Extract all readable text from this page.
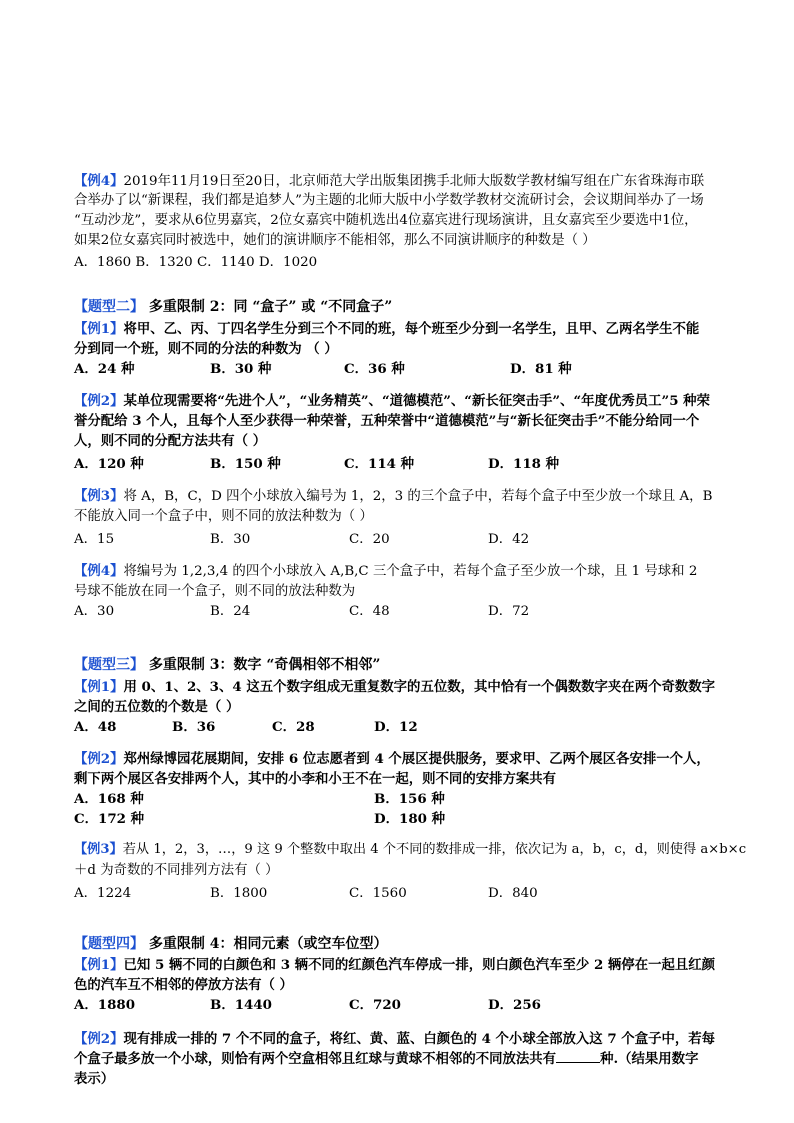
【例4】2019年11月19日至20日，北京师范大学出版集团携手北师大版数学教材编写组在广东省珠海市联
合举办了以“新课程，我们都是追梦人”为主题的北师大版中小学数学教材交流研讨会，会议期间举办了一场
“互动沙龙”，要求从6位男嘉宾，2位女嘉宾中随机选出4位嘉宾进行现场演讲，且女嘉宾至少要选中1位，
如果2位女嘉宾同时被选中，她们的演讲顺序不能相邻，那么不同演讲顺序的种数是（ ）
A．1860 B．1320 C．1140 D．1020
【题型二】 多重限制 2：同 “盒子” 或 “不同盒子”
【例1】将甲、乙、丙、丁四名学生分到三个不同的班，每个班至少分到一名学生，且甲、乙两名学生不能
分到同一个班，则不同的分法的种数为 （ ）
A．24 种	B．30 种	C．36 种	D．81 种
【例2】某单位现需要将“先进个人”，“业务精英”、“道德模范”、“新长征突击手”、“年度优秀员工”5 种荣
誉分配给 3 个人，且每个人至少获得一种荣誉，五种荣誉中“道德模范”与“新长征突击手”不能分给同一个
人，则不同的分配方法共有（ ）
A．120 种	B．150 种	C．114 种	D．118 种
【例3】将 A，B，C，D 四个小球放入编号为 1，2，3 的三个盒子中，若每个盒子中至少放一个球且 A，B
不能放入同一个盒子中，则不同的放法种数为（ ）
A．15	B．30	C．20	D．42
【例4】将编号为 1,2,3,4 的四个小球放入 A,B,C 三个盒子中，若每个盒子至少放一个球，且 1 号球和 2
号球不能放在同一个盒子，则不同的放法种数为
A．30	B．24	C．48	D．72
【题型三】 多重限制 3：数字 “奇偶相邻不相邻”
【例1】用 0、1、2、3、4 这五个数字组成无重复数字的五位数，其中恰有一个偶数数字夹在两个奇数数字
之间的五位数的个数是（ ）
A．48	B．36	C．28	D．12
【例2】郑州绿博园花展期间，安排 6 位志愿者到 4 个展区提供服务，要求甲、乙两个展区各安排一个人，
剩下两个展区各安排两个人，其中的小李和小王不在一起，则不同的安排方案共有
A．168 种	B．156 种
C．172 种	D．180 种
【例3】若从 1，2，3，…，9 这 9 个整数中取出 4 个不同的数排成一排，依次记为 a，b，c，d，则使得 a×b×c
＋d 为奇数的不同排列方法有（ ）
A．1224	B．1800	C．1560	D．840
【题型四】 多重限制 4：相同元素（或空车位型）
【例1】已知 5 辆不同的白颜色和 3 辆不同的红颜色汽车停成一排，则白颜色汽车至少 2 辆停在一起且红颜
色的汽车互不相邻的停放方法有（ ）
A．1880	B．1440	C．720	D．256
【例2】现有排成一排的 7 个不同的盒子，将红、黄、蓝、白颜色的 4 个小球全部放入这 7 个盒子中，若每
个盒子最多放一个小球，则恰有两个空盒相邻且红球与黄球不相邻的不同放法共有	种.（结果用数字
表示）
